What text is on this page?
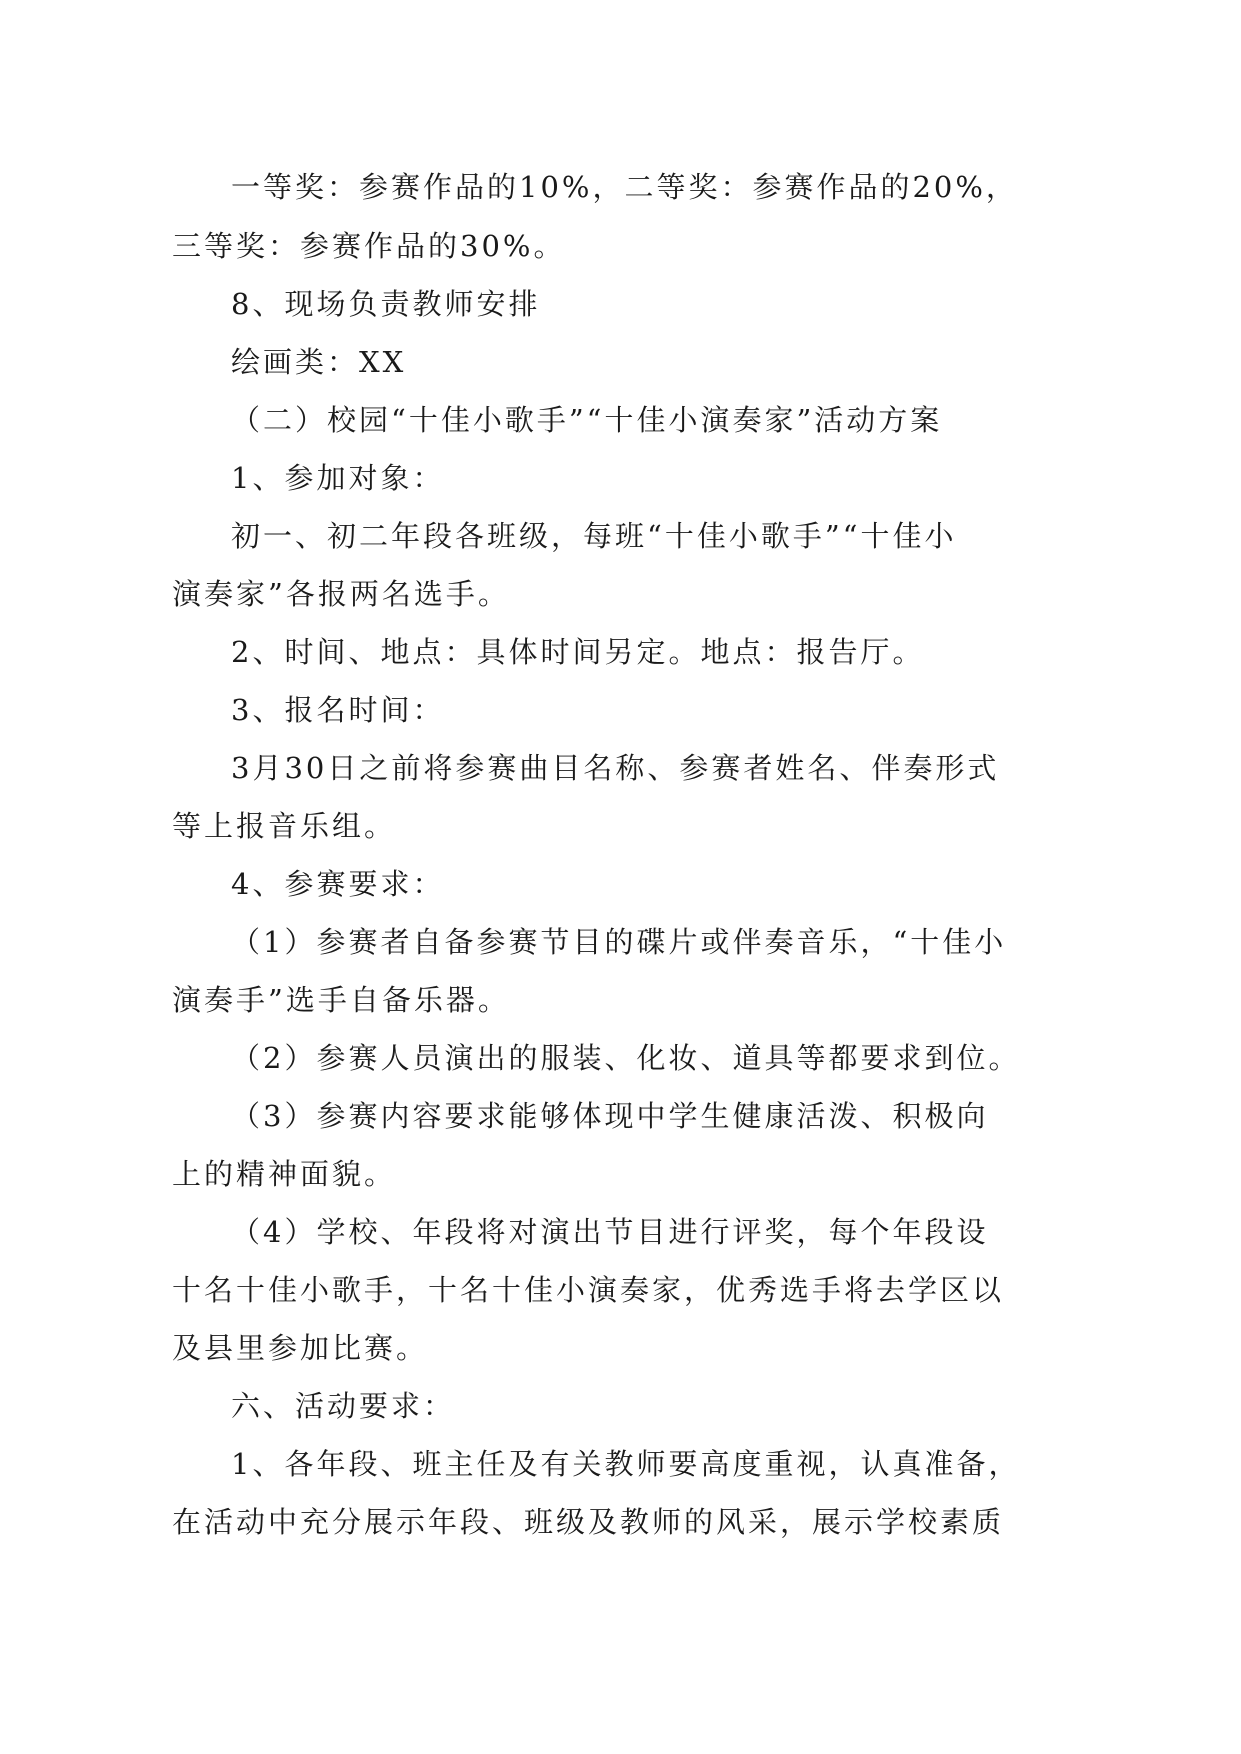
一等奖：参赛作品的10%，二等奖：参赛作品的20%，
三等奖：参赛作品的30%。
8、现场负责教师安排
绘画类：XX
（二）校园“十佳小歌手”“十佳小演奏家”活动方案
1、参加对象：
初一、初二年段各班级，每班“十佳小歌手”“十佳小
演奏家”各报两名选手。
2、时间、地点：具体时间另定。地点：报告厅。
3、报名时间：
3月30日之前将参赛曲目名称、参赛者姓名、伴奏形式
等上报音乐组。
4、参赛要求：
（1）参赛者自备参赛节目的碟片或伴奏音乐，“十佳小
演奏手”选手自备乐器。
（2）参赛人员演出的服装、化妆、道具等都要求到位。
（3）参赛内容要求能够体现中学生健康活泼、积极向
上的精神面貌。
（4）学校、年段将对演出节目进行评奖，每个年段设
十名十佳小歌手，十名十佳小演奏家，优秀选手将去学区以
及县里参加比赛。
六、活动要求：
1、各年段、班主任及有关教师要高度重视，认真准备，
在活动中充分展示年段、班级及教师的风采，展示学校素质
